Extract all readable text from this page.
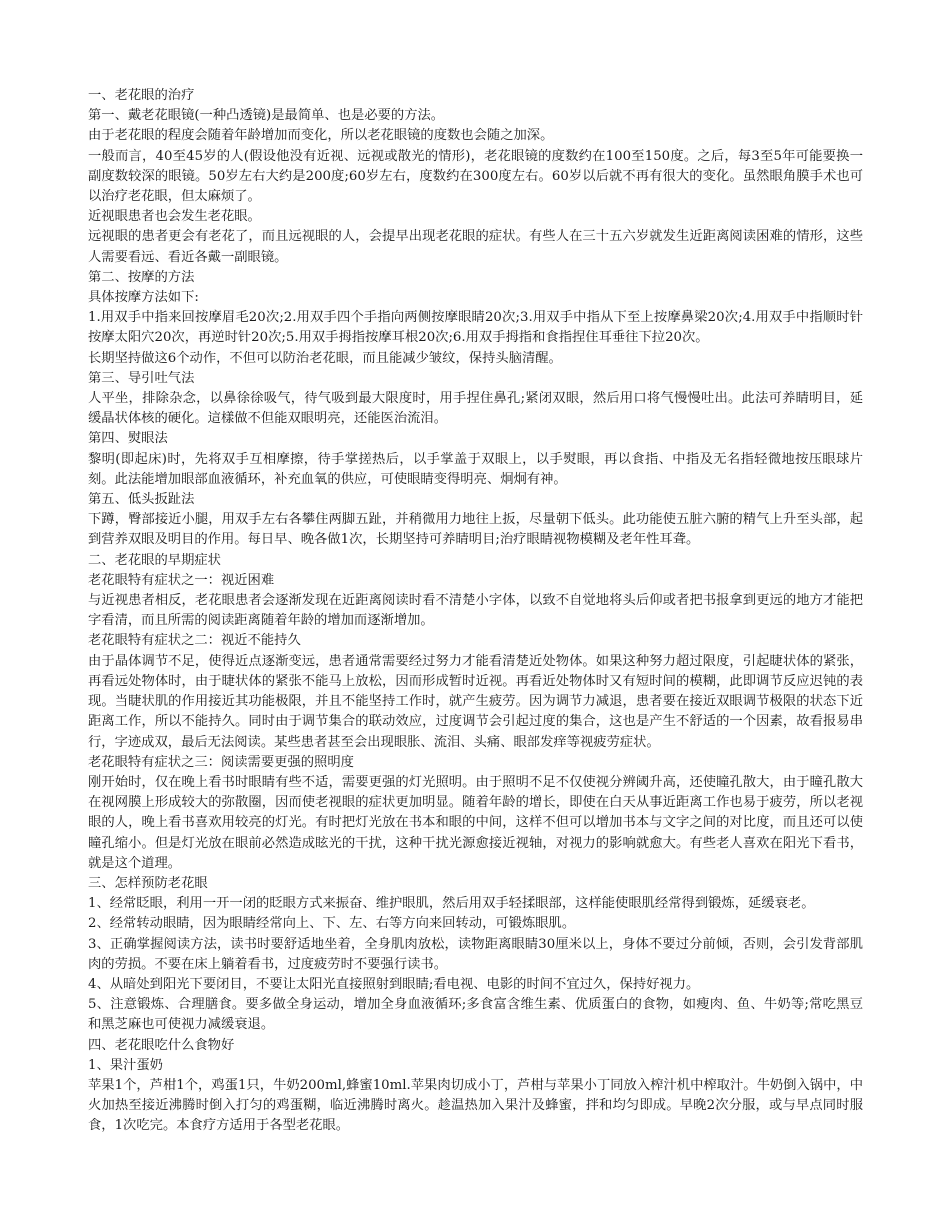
一、老花眼的治疗

第一、戴老花眼镜(一种凸透镜)是最简单、也是必要的方法。

由于老花眼的程度会随着年龄增加而变化，所以老花眼镜的度数也会随之加深。

一般而言，40至45岁的人(假设他没有近视、远视或散光的情形)，老花眼镜的度数约在100至150度。之后，每3至5年可能要换一副度数较深的眼镜。50岁左右大约是200度;60岁左右，度数约在300度左右。60岁以后就不再有很大的变化。虽然眼角膜手术也可以治疗老花眼，但太麻烦了。

近视眼患者也会发生老花眼。

远视眼的患者更会有老花了，而且远视眼的人，会提早出现老花眼的症状。有些人在三十五六岁就发生近距离阅读困难的情形，这些人需要看远、看近各戴一副眼镜。

第二、按摩的方法

具体按摩方法如下:

1.用双手中指来回按摩眉毛20次;2.用双手四个手指向两侧按摩眼睛20次;3.用双手中指从下至上按摩鼻梁20次;4.用双手中指顺时针按摩太阳穴20次，再逆时针20次;5.用双手拇指按摩耳根20次;6.用双手拇指和食指捏住耳垂往下拉20次。

长期坚持做这6个动作，不但可以防治老花眼，而且能减少皱纹，保持头脑清醒。

第三、导引吐气法

人平坐，排除杂念，以鼻徐徐吸气，待气吸到最大限度时，用手捏住鼻孔;紧闭双眼，然后用口将气慢慢吐出。此法可养睛明目，延缓晶状体核的硬化。這樣做不但能双眼明亮，还能医治流泪。

第四、熨眼法

黎明(即起床)时，先将双手互相摩擦，待手掌搓热后，以手掌盖于双眼上，以手熨眼，再以食指、中指及无名指轻微地按压眼球片刻。此法能增加眼部血液循环，补充血氧的供应，可使眼睛变得明亮、炯炯有神。

第五、低头扳趾法

下蹲，臀部接近小腿，用双手左右各攀住两脚五趾，并稍微用力地往上扳，尽量朝下低头。此功能使五脏六腑的精气上升至头部，起到营养双眼及明目的作用。每日早、晚各做1次，长期坚持可养睛明目;治疗眼睛视物模糊及老年性耳聋。

二、老花眼的早期症状

老花眼特有症状之一：视近困难

与近视患者相反，老花眼患者会逐渐发现在近距离阅读时看不清楚小字体，以致不自觉地将头后仰或者把书报拿到更远的地方才能把字看清，而且所需的阅读距离随着年龄的增加而逐渐增加。

老花眼特有症状之二：视近不能持久

由于晶体调节不足，使得近点逐渐变远，患者通常需要经过努力才能看清楚近处物体。如果这种努力超过限度，引起睫状体的紧张，再看远处物体时，由于睫状体的紧张不能马上放松，因而形成暂时近视。再看近处物体时又有短时间的模糊，此即调节反应迟钝的表现。当睫状肌的作用接近其功能极限，并且不能坚持工作时，就产生疲劳。因为调节力减退，患者要在接近双眼调节极限的状态下近距离工作，所以不能持久。同时由于调节集合的联动效应，过度调节会引起过度的集合，这也是产生不舒适的一个因素，故看报易串行，字迹成双，最后无法阅读。某些患者甚至会出现眼胀、流泪、头痛、眼部发痒等视疲劳症状。

老花眼特有症状之三：阅读需要更强的照明度

刚开始时，仅在晚上看书时眼睛有些不适，需要更强的灯光照明。由于照明不足不仅使视分辨阈升高，还使瞳孔散大，由于瞳孔散大在视网膜上形成较大的弥散圈，因而使老视眼的症状更加明显。随着年龄的增长，即使在白天从事近距离工作也易于疲劳，所以老视眼的人，晚上看书喜欢用较亮的灯光。有时把灯光放在书本和眼的中间，这样不但可以增加书本与文字之间的对比度，而且还可以使瞳孔缩小。但是灯光放在眼前必然造成眩光的干扰，这种干扰光源愈接近视轴，对视力的影响就愈大。有些老人喜欢在阳光下看书，就是这个道理。

三、怎样预防老花眼

1、经常眨眼，利用一开一闭的眨眼方式来振奋、维护眼肌，然后用双手轻揉眼部，这样能使眼肌经常得到锻炼，延缓衰老。

2、经常转动眼睛，因为眼睛经常向上、下、左、右等方向来回转动，可锻炼眼肌。

3、正确掌握阅读方法，读书时要舒适地坐着，全身肌肉放松，读物距离眼睛30厘米以上，身体不要过分前倾，否则，会引发背部肌肉的劳损。不要在床上躺着看书，过度疲劳时不要强行读书。

4、从暗处到阳光下要闭目，不要让太阳光直接照射到眼睛;看电视、电影的时间不宜过久，保持好视力。

5、注意锻炼、合理膳食。要多做全身运动，增加全身血液循环;多食富含维生素、优质蛋白的食物，如瘦肉、鱼、牛奶等;常吃黑豆和黑芝麻也可使视力减缓衰退。

四、老花眼吃什么食物好

1、果汁蛋奶

苹果1个，芦柑1个，鸡蛋1只，牛奶200ml,蜂蜜10ml.苹果肉切成小丁，芦柑与苹果小丁同放入榨汁机中榨取汁。牛奶倒入锅中，中火加热至接近沸腾时倒入打匀的鸡蛋糊，临近沸腾时离火。趁温热加入果汁及蜂蜜，拌和均匀即成。早晚2次分服，或与早点同时服食，1次吃完。本食疗方适用于各型老花眼。
